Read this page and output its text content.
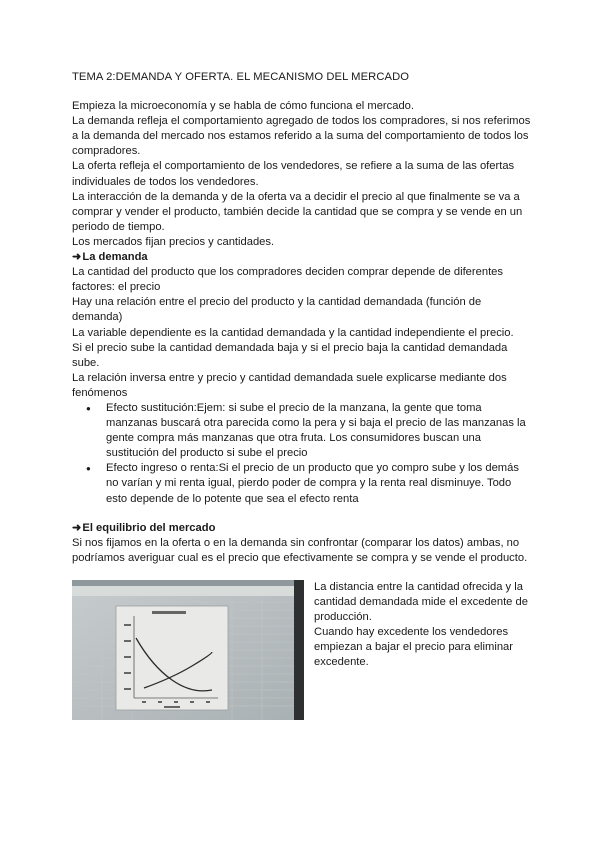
TEMA 2:DEMANDA Y OFERTA. EL MECANISMO DEL MERCADO

Empieza la microeconomía y se habla de cómo funciona el mercado.

La demanda refleja el comportamiento agregado de todos los compradores, si nos referimos a la demanda del mercado nos estamos referido a la suma del comportamiento de todos los compradores.

La oferta refleja el comportamiento de los vendedores, se refiere a la suma de las ofertas individuales de todos los vendedores.

La interacción de la demanda y de la oferta va a decidir el precio al que finalmente se va a comprar y vender el producto, también decide la cantidad que se compra y se vende en un periodo de tiempo.

Los mercados fijan precios y cantidades.

➜La demanda

La cantidad del producto que los compradores deciden comprar depende de diferentes factores: el precio

Hay una relación entre el precio del producto y la cantidad demandada (función de demanda)

La variable dependiente es la cantidad demandada y la cantidad independiente el precio.

Si el precio sube la cantidad demandada baja y si el precio baja la cantidad demandada sube.

La relación inversa entre y precio y cantidad demandada suele explicarse mediante dos fenómenos

● Efecto sustitución:Ejem: si sube el precio de la manzana, la gente que toma manzanas buscará otra parecida como la pera y si baja el precio de las manzanas la gente compra más manzanas que otra fruta. Los consumidores buscan una sustitución del producto si sube el precio
● Efecto ingreso o renta:Si el precio de un producto que yo compro sube y los demás no varían y mi renta igual, pierdo poder de compra y la renta real disminuye. Todo esto depende de lo potente que sea el efecto renta

➜El equilibrio del mercado

Si nos fijamos en la oferta o en la demanda sin confrontar (comparar los datos) ambas, no podríamos averiguar cual es el precio que efectivamente se compra y se vende el producto.

La distancia entre la cantidad ofrecida y la cantidad demandada mide el excedente de producción.

Cuando hay excedente los vendedores empiezan a bajar el precio para eliminar excedente.
